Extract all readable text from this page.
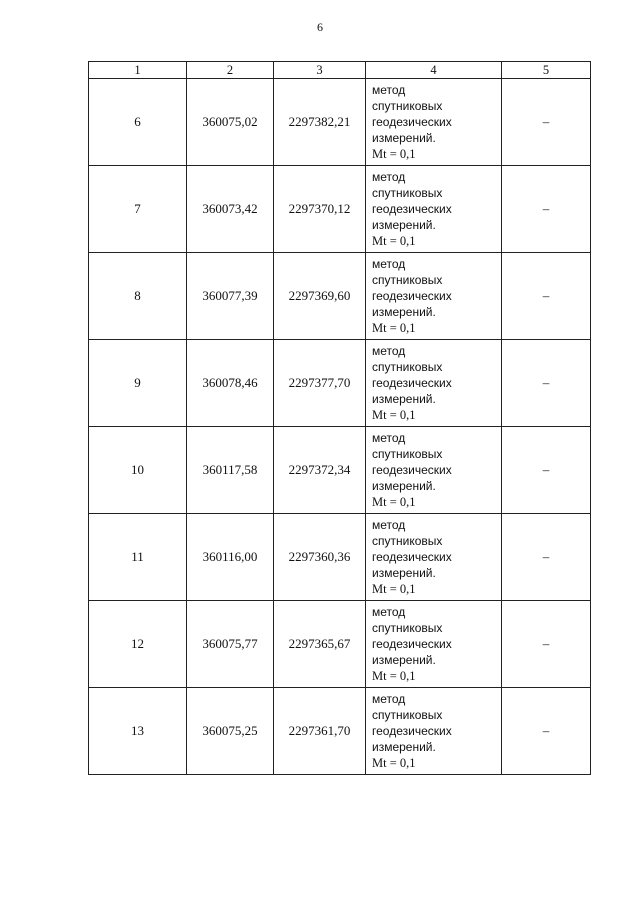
6
1	2	3	4	5
6	360075,02	2297382,21	метод
спутниковых
геодезических
измерений.
Mt = 0,1	–
7	360073,42	2297370,12	метод
спутниковых
геодезических
измерений.
Mt = 0,1	–
8	360077,39	2297369,60	метод
спутниковых
геодезических
измерений.
Mt = 0,1	–
9	360078,46	2297377,70	метод
спутниковых
геодезических
измерений.
Mt = 0,1	–
10	360117,58	2297372,34	метод
спутниковых
геодезических
измерений.
Mt = 0,1	–
11	360116,00	2297360,36	метод
спутниковых
геодезических
измерений.
Mt = 0,1	–
12	360075,77	2297365,67	метод
спутниковых
геодезических
измерений.
Mt = 0,1	–
13	360075,25	2297361,70	метод
спутниковых
геодезических
измерений.
Mt = 0,1	–
